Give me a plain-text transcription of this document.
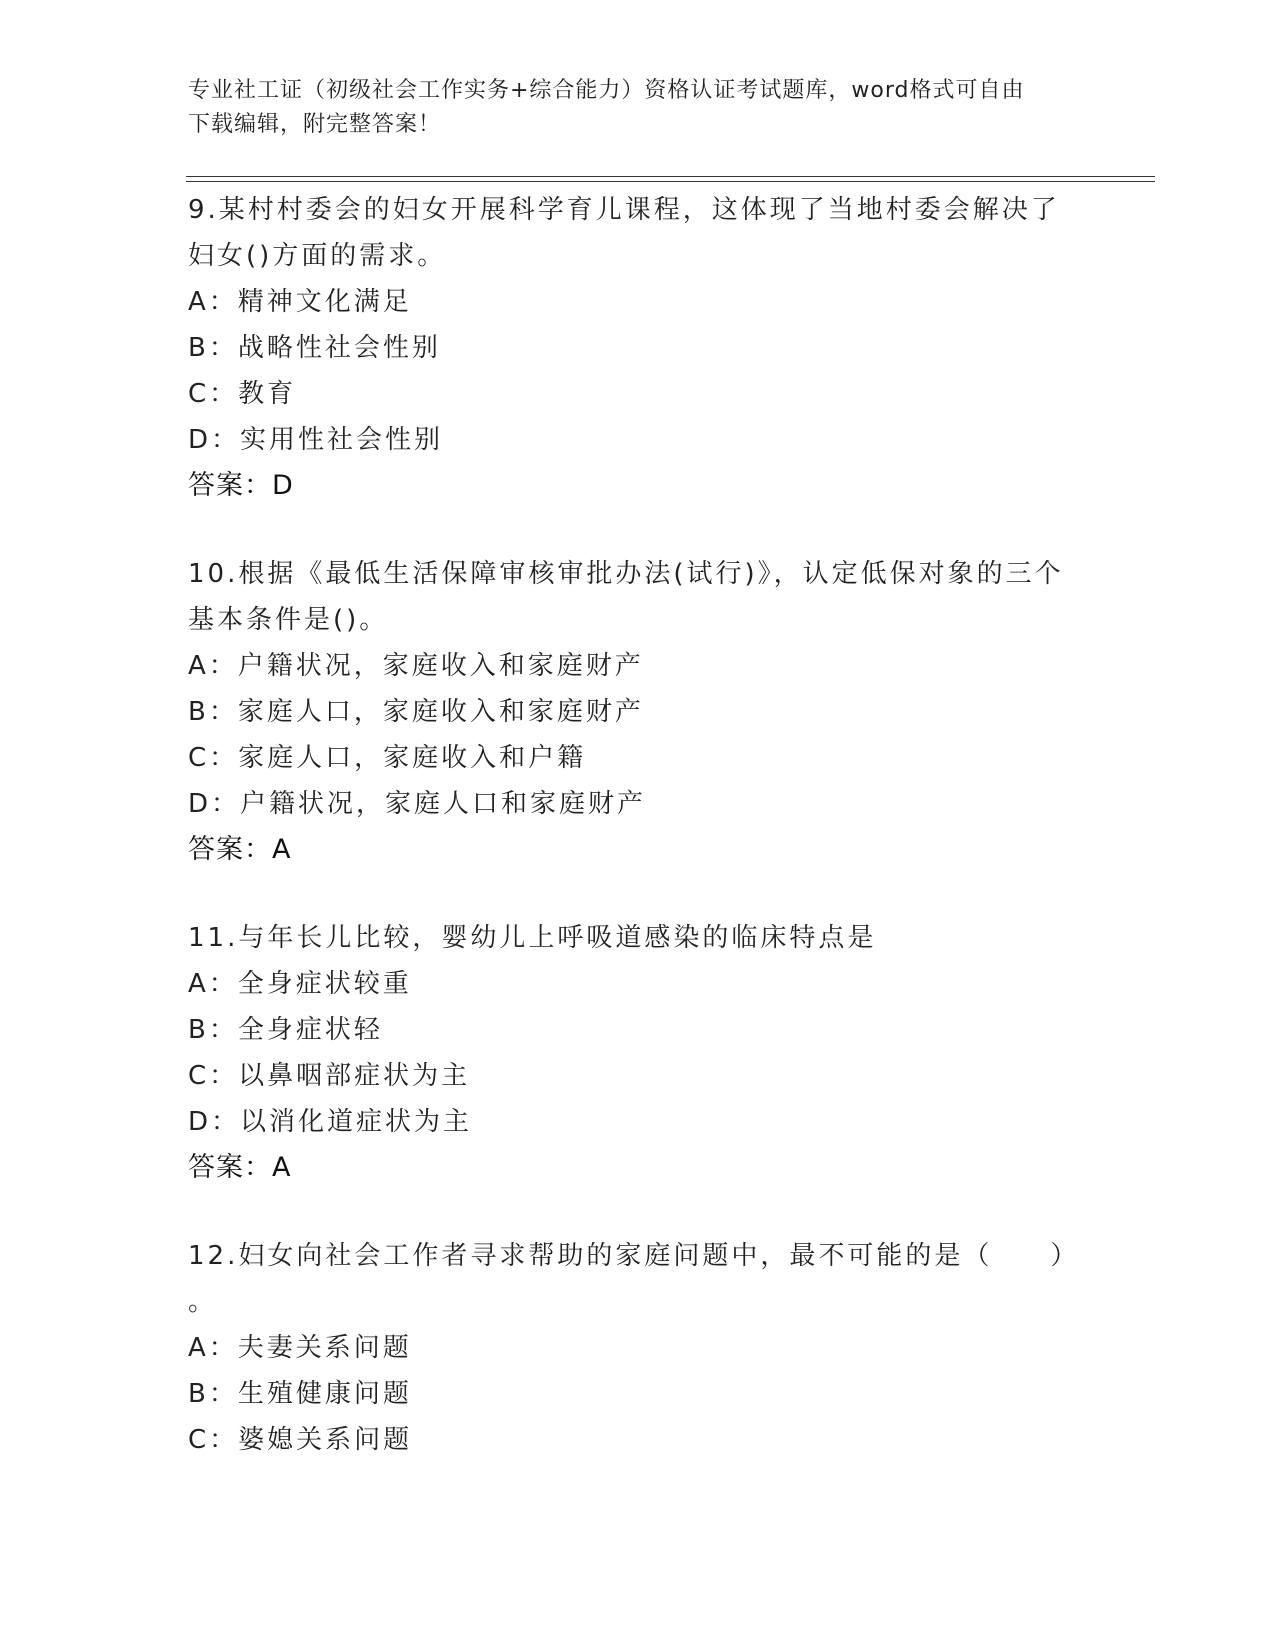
专业社工证（初级社会工作实务+综合能力）资格认证考试题库，word格式可自由
下载编辑，附完整答案！
9.某村村委会的妇女开展科学育儿课程，这体现了当地村委会解决了
妇女()方面的需求。
A：精神文化满足
B：战略性社会性别
C：教育
D：实用性社会性别
答案：D
10.根据《最低生活保障审核审批办法(试行)》，认定低保对象的三个
基本条件是()。
A：户籍状况，家庭收入和家庭财产
B：家庭人口，家庭收入和家庭财产
C：家庭人口，家庭收入和户籍
D：户籍状况，家庭人口和家庭财产
答案：A
11.与年长儿比较，婴幼儿上呼吸道感染的临床特点是
A：全身症状较重
B：全身症状轻
C：以鼻咽部症状为主
D：以消化道症状为主
答案：A
12.妇女向社会工作者寻求帮助的家庭问题中，最不可能的是（　　）
。
A：夫妻关系问题
B：生殖健康问题
C：婆媳关系问题
